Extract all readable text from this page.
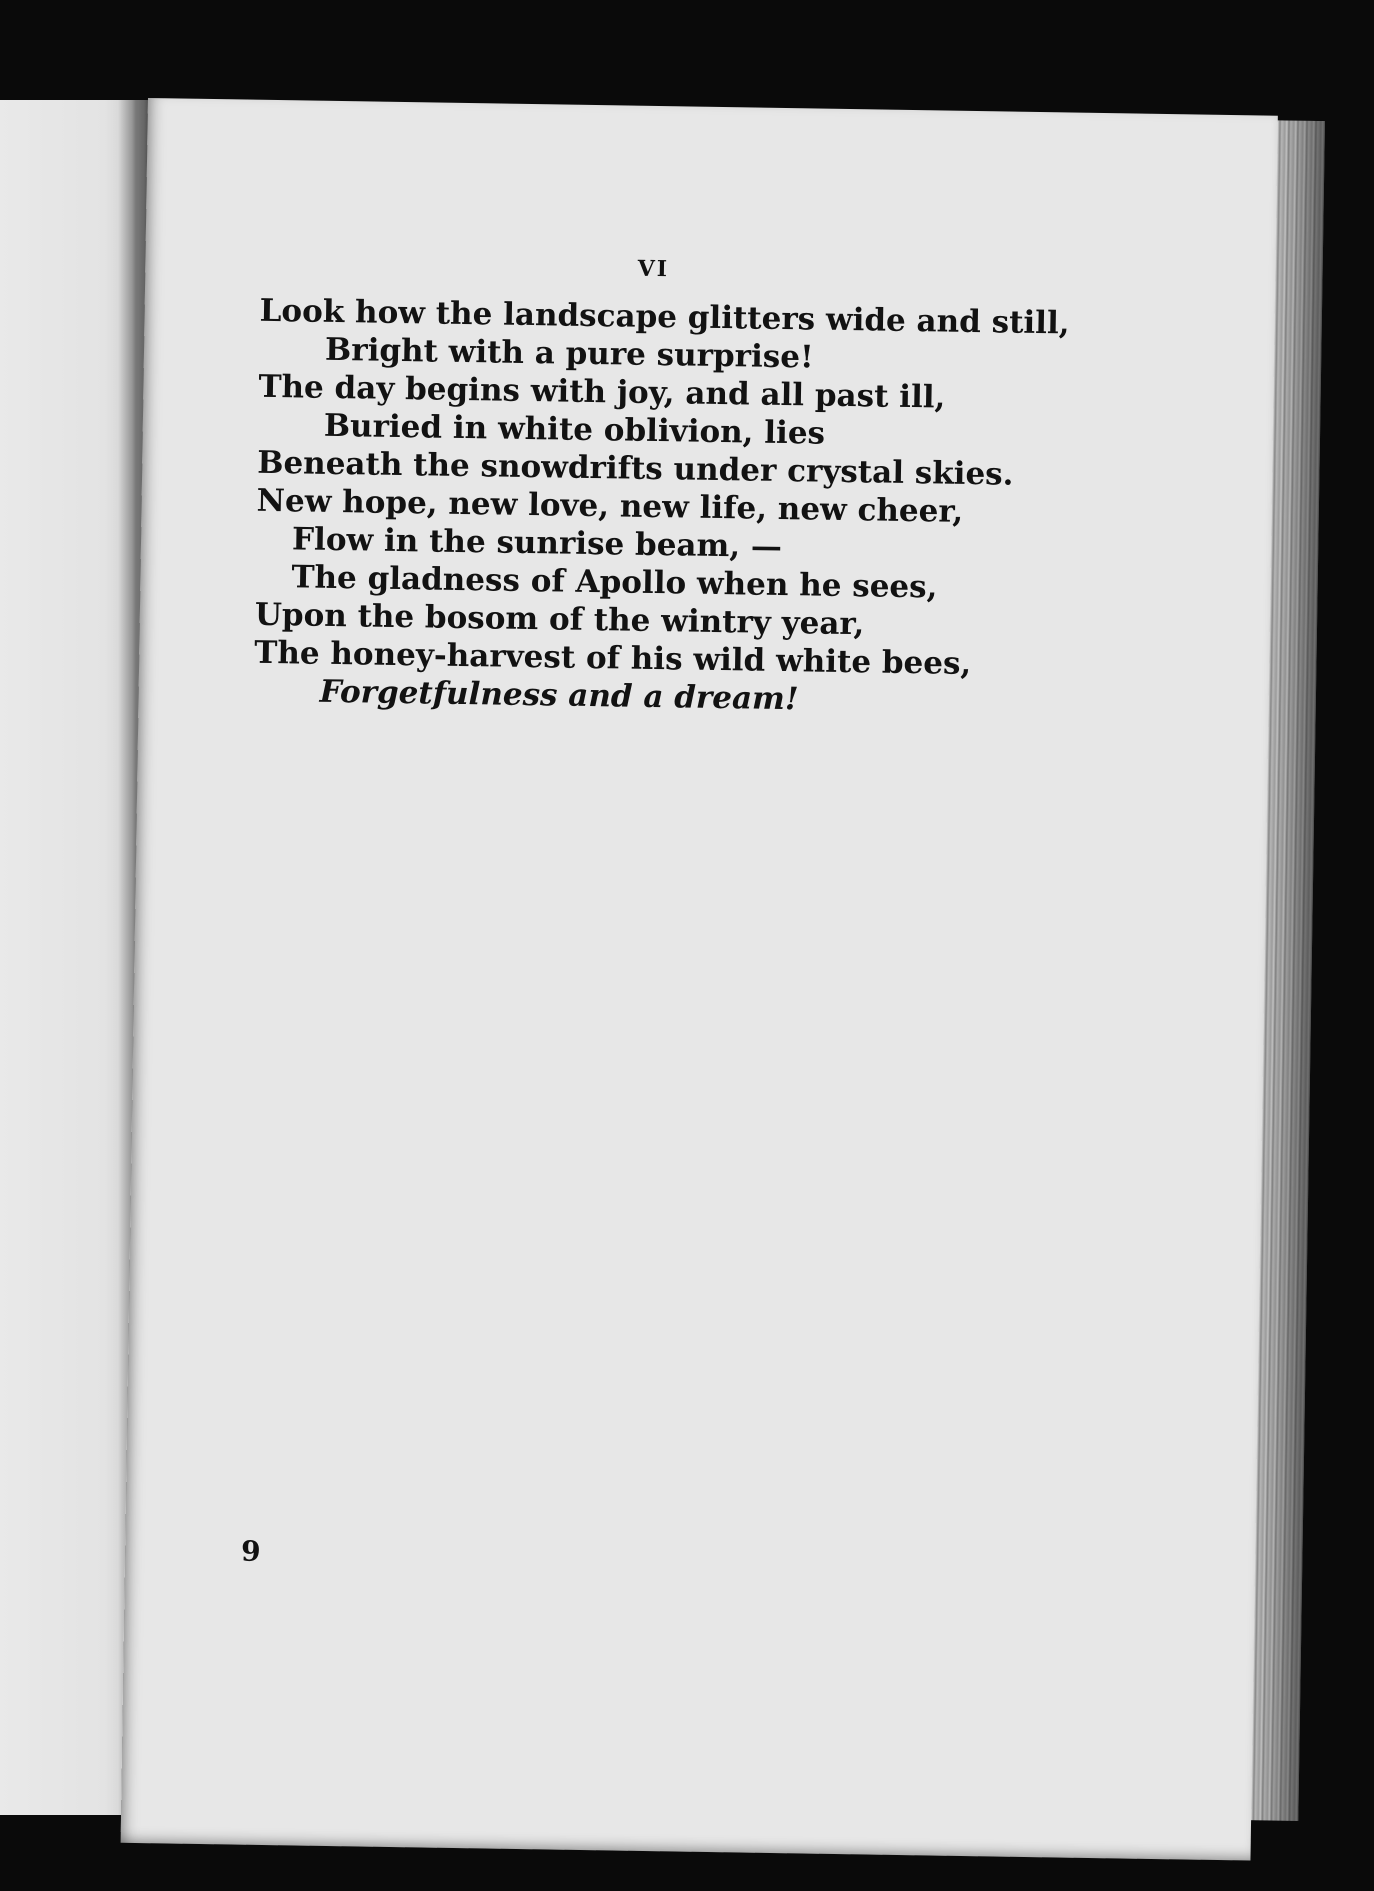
VI
Look how the landscape glitters wide and still,
Bright with a pure surprise!
The day begins with joy, and all past ill,
Buried in white oblivion, lies
Beneath the snowdrifts under crystal skies.
New hope, new love, new life, new cheer,
Flow in the sunrise beam, —
The gladness of Apollo when he sees,
Upon the bosom of the wintry year,
The honey-harvest of his wild white bees,
Forgetfulness and a dream!
9
